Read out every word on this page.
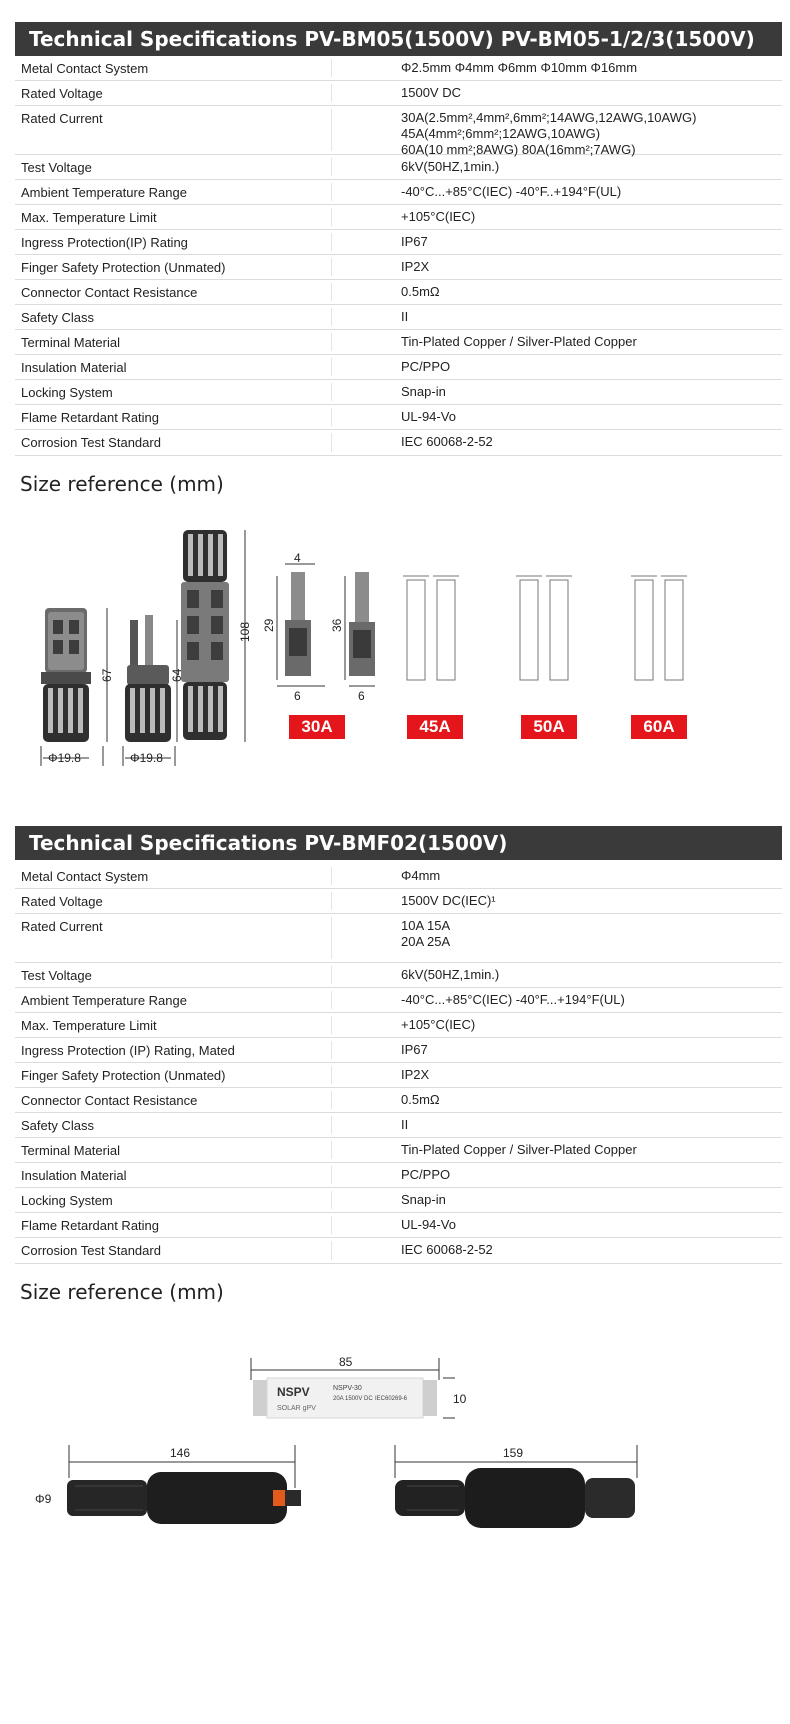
Technical Specifications PV-BM05(1500V) PV-BM05-1/2/3(1500V)
Metal Contact System	Φ2.5mm Φ4mm Φ6mm Φ10mm Φ16mm
Rated Voltage	1500V DC
Rated Current	30A(2.5mm²,4mm²,6mm²;14AWG,12AWG,10AWG)
45A(4mm²;6mm²;12AWG,10AWG)
60A(10 mm²;8AWG) 80A(16mm²;7AWG)
Test Voltage	6kV(50HZ,1min.)
Ambient Temperature Range	-40°C...+85°C(IEC) -40°F..+194°F(UL)
Max. Temperature Limit	+105°C(IEC)
Ingress Protection(IP) Rating	IP67
Finger Safety Protection (Unmated)	IP2X
Connector Contact Resistance	0.5mΩ
Safety Class	II
Terminal Material	Tin-Plated Copper / Silver-Plated Copper
Insulation Material	PC/PPO
Locking System	Snap-in
Flame Retardant Rating	UL-94-Vo
Corrosion Test Standard	IEC 60068-2-52
Size reference (mm)
Φ19.8	Φ19.8
67	64
108
4
29
6
36
6
30A	45A	50A	60A
Technical Specifications PV-BMF02(1500V)
Metal Contact System	Φ4mm
Rated Voltage	1500V DC(IEC)¹
Rated Current	10A 15A
20A 25A
Test Voltage	6kV(50HZ,1min.)
Ambient Temperature Range	-40°C...+85°C(IEC) -40°F...+194°F(UL)
Max. Temperature Limit	+105°C(IEC)
Ingress Protection (IP) Rating, Mated	IP67
Finger Safety Protection (Unmated)	IP2X
Connector Contact Resistance	0.5mΩ
Safety Class	II
Terminal Material	Tin-Plated Copper / Silver-Plated Copper
Insulation Material	PC/PPO
Locking System	Snap-in
Flame Retardant Rating	UL-94-Vo
Corrosion Test Standard	IEC 60068-2-52
Size reference (mm)
NSPV
SOLAR gPV
NSPV-30
20A 1500V DC IEC60269-6
85
10
146
Φ9
159
